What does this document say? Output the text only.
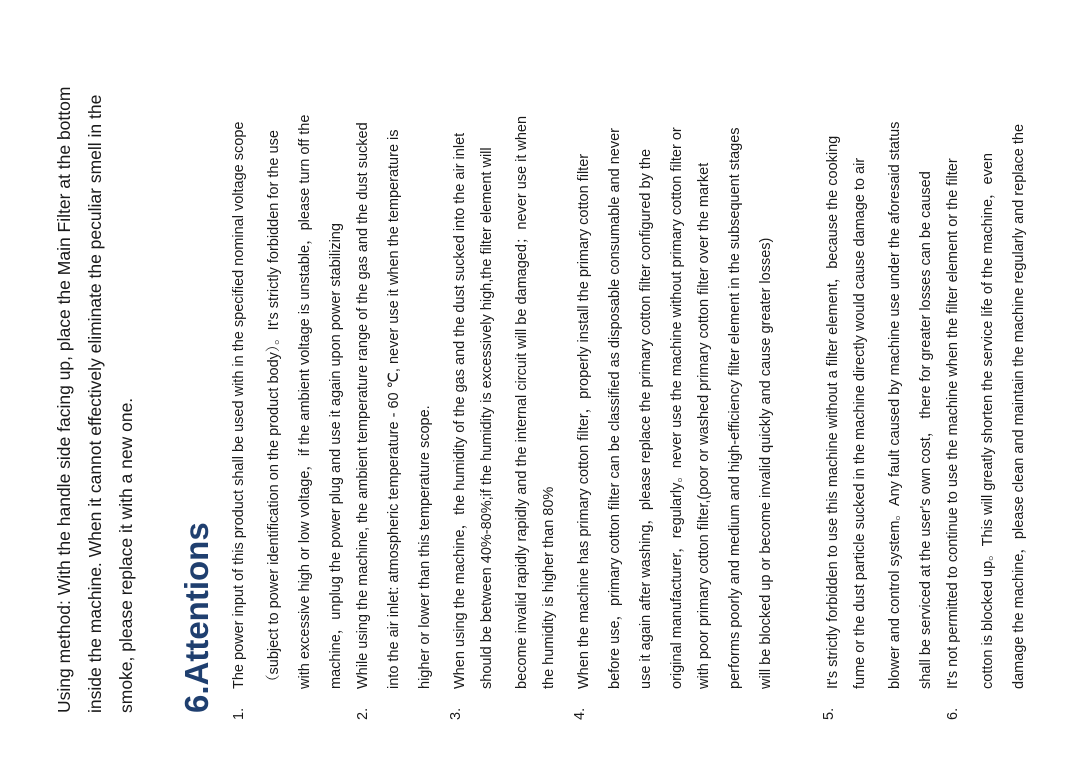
Using method: With the handle side facing up, place the Main Filter at the bottom inside the machine. When it cannot effectively eliminate the peculiar smell in the smoke, please replace it with a new one. 6.Attentions
1.
The power input of this product shall be used with in the specified nominal voltage scope （subject to power identification on the product body）。It's strictly forbidden for the use with excessive high or low voltage，if the ambient voltage is unstable，please turn off the machine，unplug the power plug and use it again upon power stabilizing
2.
While using the machine, the ambient temperature range of the gas and the dust sucked into the air inlet: atmospheric temperature - 60 ℃, never use it when the temperature is higher or lower than this temperature scope.
3.
When using the machine，the humidity of the gas and the dust sucked into the air inlet should be between 40%-80%;if the humidity is excessively high,the filter element will become invalid rapidly rapidly and the internal circuit will be damaged；never use it when the humidity is higher than 80%
4.
When the machine has primary cotton filter，properly install the primary cotton filter before use，primary cotton filter can be classified as disposable consumable and never use it again after washing，please replace the primary cotton filter configured by the original manufacturer，regularly。never use the machine without primary cotton filter or with poor primary cotton filter,(poor or washed primary cotton filter over the market performs poorly and medium and high-efficiency filter element in the subsequent stages will be blocked up or become invalid quickly and cause greater losses)
5.
It's strictly forbidden to use this machine without a filter element，because the cooking fume or the dust particle sucked in the machine directly would cause damage to air blower and control system。Any fault caused by machine use under the aforesaid status shall be serviced at the user's own cost， there for greater losses can be caused
6.
It's not permitted to continue to use the machine when the filter element or the filter cotton is blocked up。This will greatly shorten the service life of the machine，even damage the machine，please clean and maintain the machine regularly and replace the
